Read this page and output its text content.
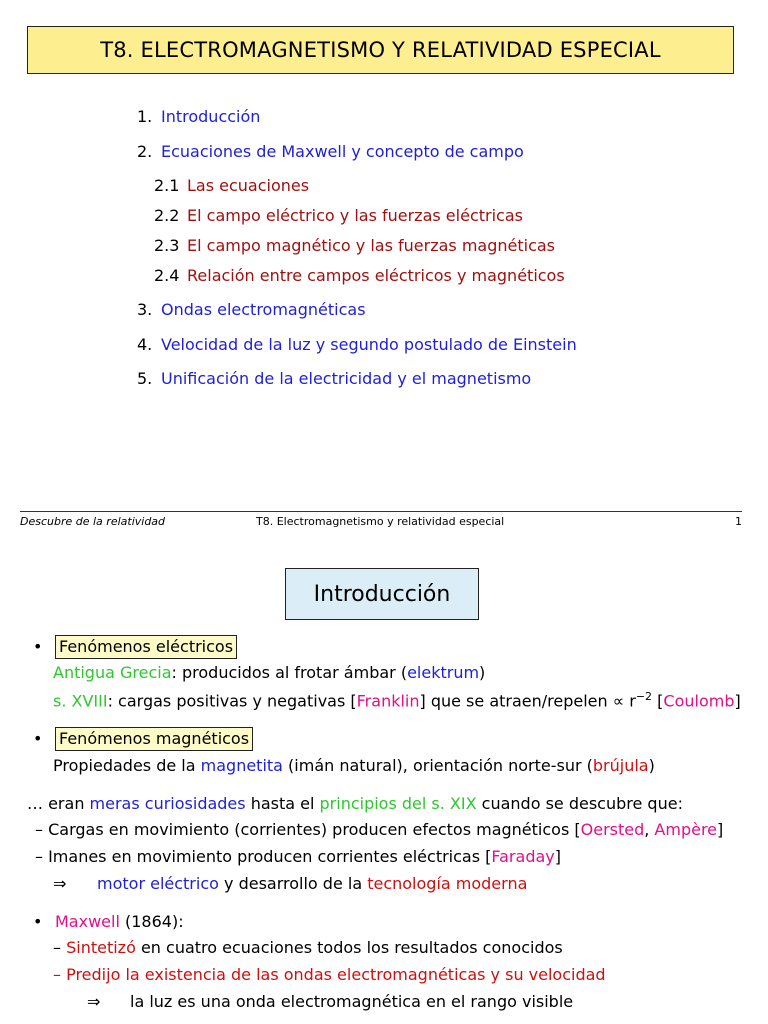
T8. ELECTROMAGNETISMO Y RELATIVIDAD ESPECIAL
1. Introducción
2. Ecuaciones de Maxwell y concepto de campo
2.1 Las ecuaciones
2.2 El campo eléctrico y las fuerzas eléctricas
2.3 El campo magnético y las fuerzas magnéticas
2.4 Relación entre campos eléctricos y magnéticos
3. Ondas electromagnéticas
4. Velocidad de la luz y segundo postulado de Einstein
5. Unificación de la electricidad y el magnetismo
Descubre de la relatividad	T8. Electromagnetismo y relatividad especial	1
Introducción
• Fenómenos eléctricos
Antigua Grecia: producidos al frotar ámbar (elektrum)
s. XVIII: cargas positivas y negativas [Franklin] que se atraen/repelen ∝ $r^{-2}$ [Coulomb]
• Fenómenos magnéticos
Propiedades de la magnetita (imán natural), orientación norte-sur (brújula)
… eran meras curiosidades hasta el principios del s. XIX cuando se descubre que:
– Cargas en movimiento (corrientes) producen efectos magnéticos [Oersted, Ampère]
– Imanes en movimiento producen corrientes eléctricas [Faraday]
⇒ motor eléctrico y desarrollo de la tecnología moderna
• Maxwell (1864):
– Sintetizó en cuatro ecuaciones todos los resultados conocidos
– Predijo la existencia de las ondas electromagnéticas y su velocidad
⇒ la luz es una onda electromagnética en el rango visible
